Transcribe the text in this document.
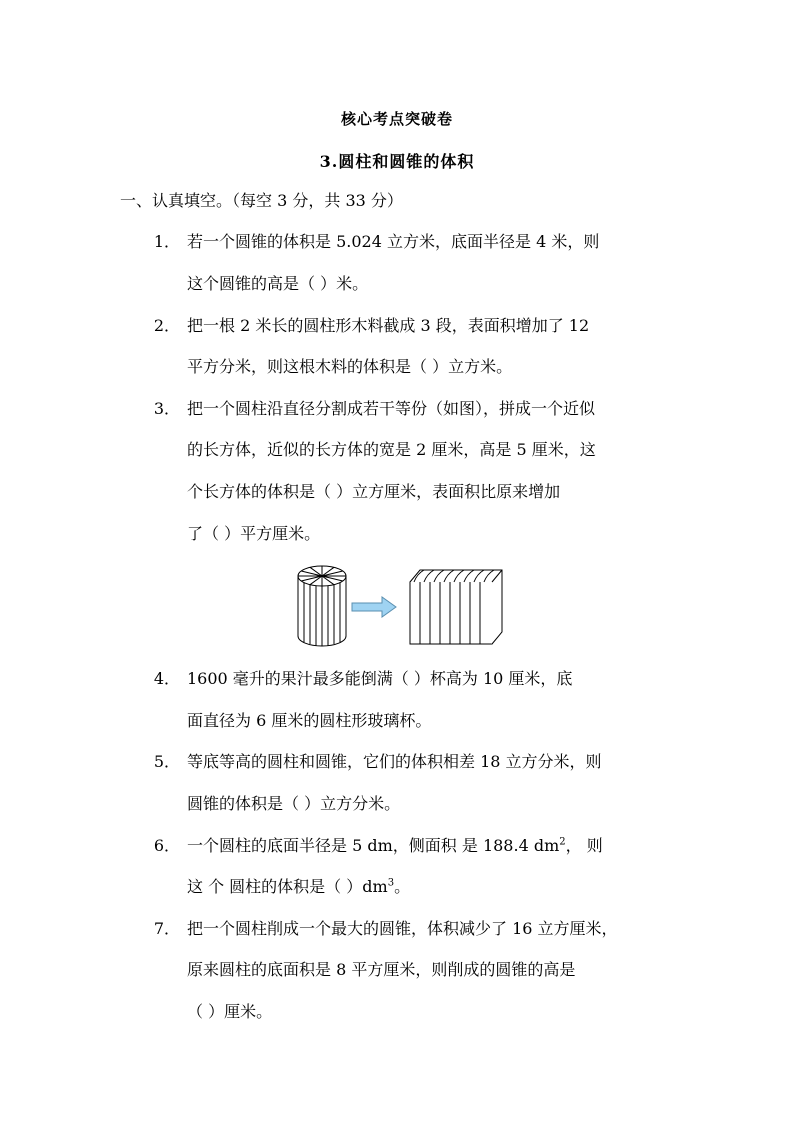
核心考点突破卷
3.圆柱和圆锥的体积
一、认真填空。（每空 3 分，共 33 分）
1． 若一个圆锥的体积是 5.024 立方米，底面半径是 4 米，则
这个圆锥的高是（ ）米。
2． 把一根 2 米长的圆柱形木料截成 3 段，表面积增加了 12
平方分米，则这根木料的体积是（ ）立方米。
3． 把一个圆柱沿直径分割成若干等份（如图），拼成一个近似
的长方体，近似的长方体的宽是 2 厘米，高是 5 厘米，这
个长方体的体积是（ ）立方厘米，表面积比原来增加
了（ ）平方厘米。
4． 1600 毫升的果汁最多能倒满（ ）杯高为 10 厘米，底
面直径为 6 厘米的圆柱形玻璃杯。
5． 等底等高的圆柱和圆锥，它们的体积相差 18 立方分米，则
圆锥的体积是（ ）立方分米。
6． 一个圆柱的底面半径是 5 dm，侧面积 是 188.4 $dm^2$， 则
这 个 圆柱的体积是（ ）$dm^3$。
7． 把一个圆柱削成一个最大的圆锥，体积减少了 16 立方厘米，
原来圆柱的底面积是 8 平方厘米，则削成的圆锥的高是
（ ）厘米。
